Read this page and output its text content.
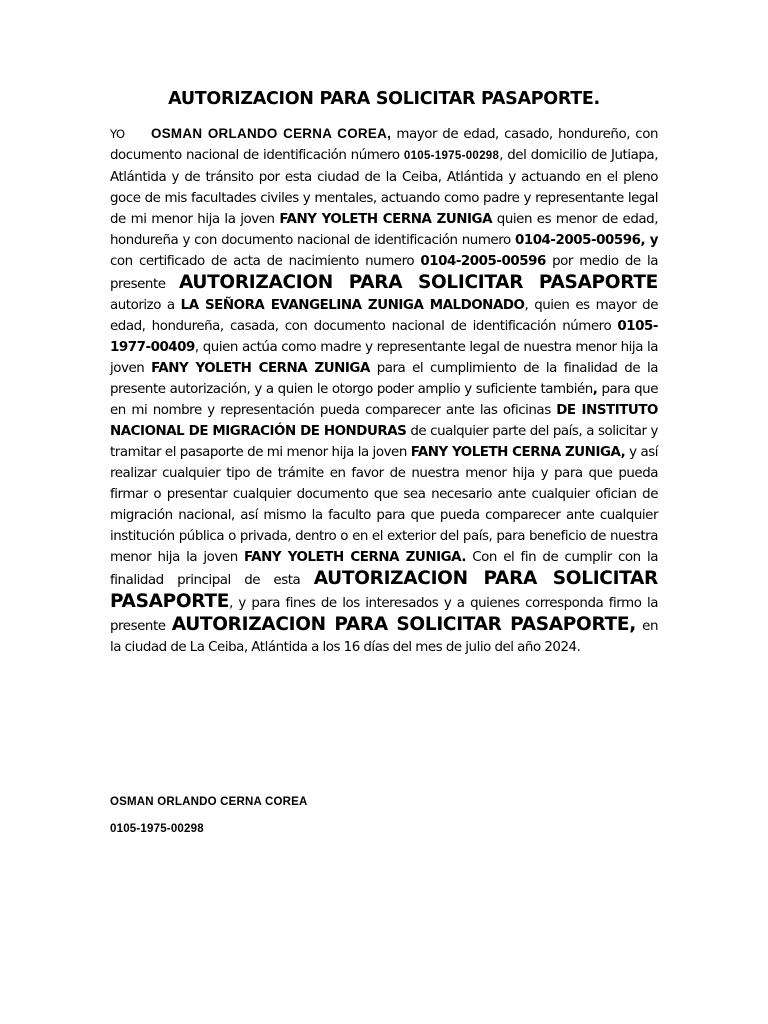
AUTORIZACION PARA SOLICITAR PASAPORTE.

YO OSMAN ORLANDO CERNA COREA, mayor de edad, casado, hondureño, con documento nacional de identificación número 0105-1975-00298, del domicilio de Jutiapa, Atlántida y de tránsito por esta ciudad de la Ceiba, Atlántida y actuando en el pleno goce de mis facultades civiles y mentales, actuando como padre y representante legal de mi menor hija la joven FANY YOLETH CERNA ZUNIGA quien es menor de edad, hondureña y con documento nacional de identificación numero 0104-2005-00596, y con certificado de acta de nacimiento numero 0104-2005-00596 por medio de la presente AUTORIZACION PARA SOLICITAR PASAPORTE autorizo a LA SEÑORA EVANGELINA ZUNIGA MALDONADO, quien es mayor de edad, hondureña, casada, con documento nacional de identificación número 0105-1977-00409, quien actúa como madre y representante legal de nuestra menor hija la joven FANY YOLETH CERNA ZUNIGA para el cumplimiento de la finalidad de la presente autorización, y a quien le otorgo poder amplio y suficiente también, para que en mi nombre y representación pueda comparecer ante las oficinas DE INSTITUTO NACIONAL DE MIGRACIÓN DE HONDURAS de cualquier parte del país, a solicitar y tramitar el pasaporte de mi menor hija la joven FANY YOLETH CERNA ZUNIGA, y así realizar cualquier tipo de trámite en favor de nuestra menor hija y para que pueda firmar o presentar cualquier documento que sea necesario ante cualquier ofician de migración nacional, así mismo la faculto para que pueda comparecer ante cualquier institución pública o privada, dentro o en el exterior del país, para beneficio de nuestra menor hija la joven FANY YOLETH CERNA ZUNIGA. Con el fin de cumplir con la finalidad principal de esta AUTORIZACION PARA SOLICITAR PASAPORTE, y para fines de los interesados y a quienes corresponda firmo la presente AUTORIZACION PARA SOLICITAR PASAPORTE, en la ciudad de La Ceiba, Atlántida a los 16 días del mes de julio del año 2024.

OSMAN ORLANDO CERNA COREA

0105-1975-00298
